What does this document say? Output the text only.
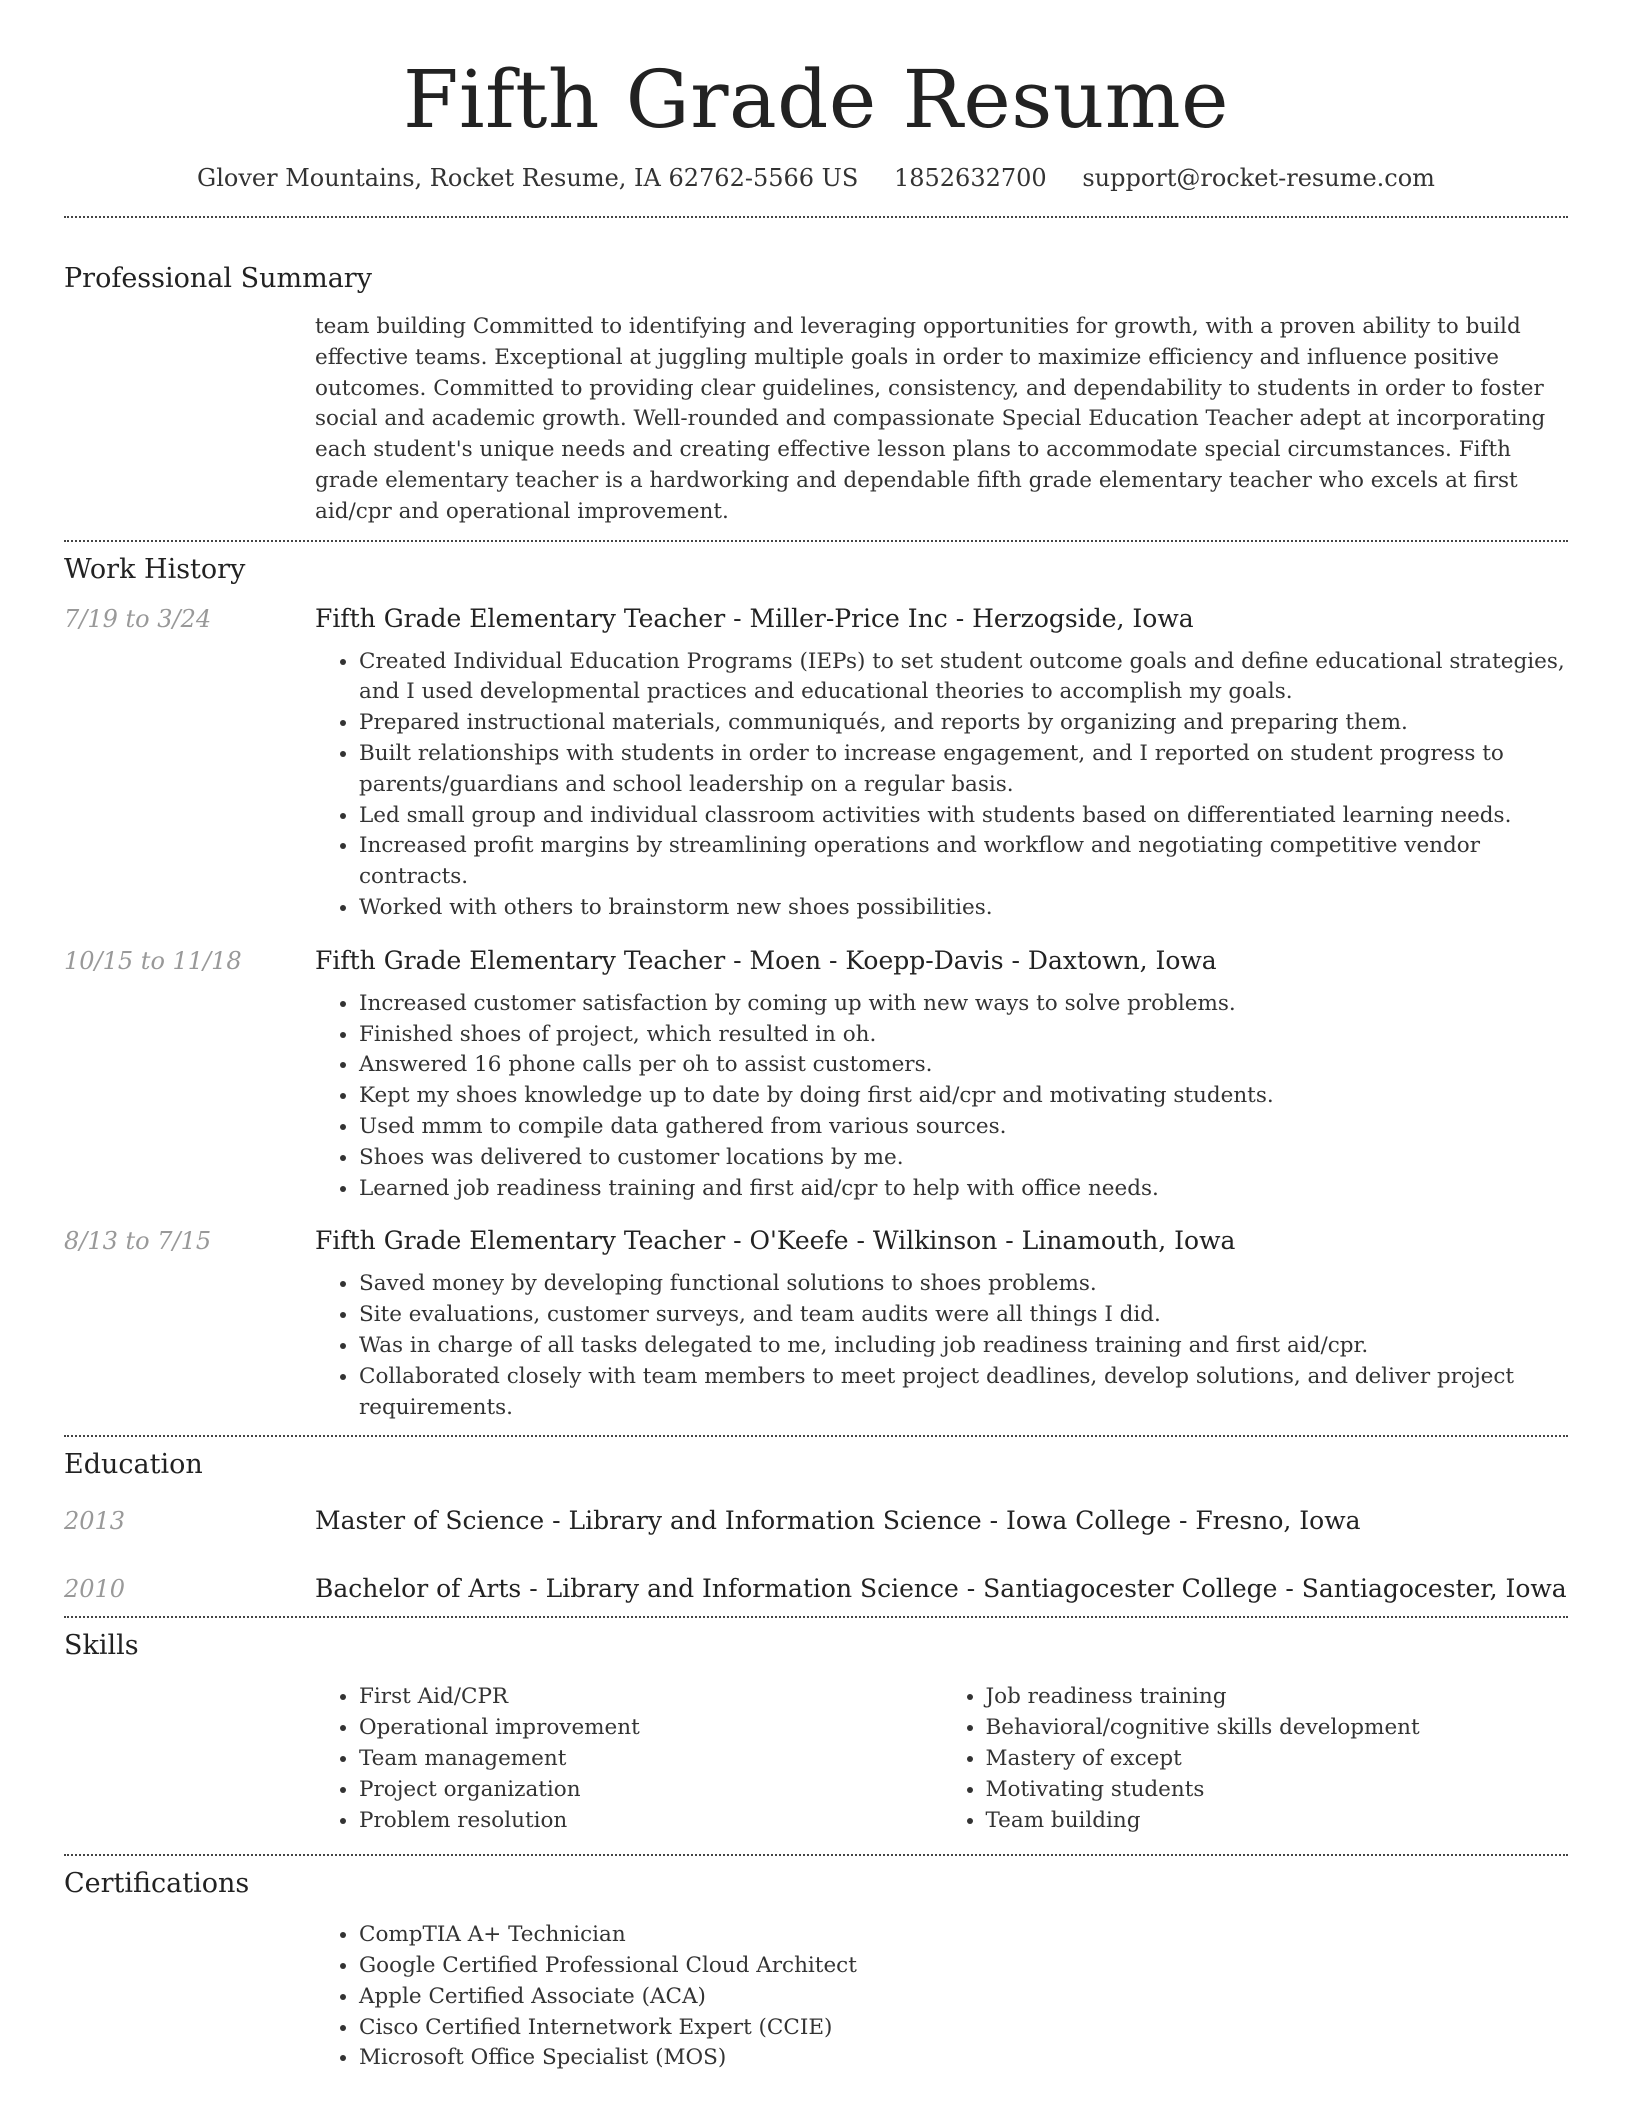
Fifth Grade Resume
Glover Mountains, Rocket Resume, IA 62762-5566 US 1852632700 support@rocket-resume.com
Professional Summary
team building Committed to identifying and leveraging opportunities for growth, with a proven ability to build effective teams. Exceptional at juggling multiple goals in order to maximize efficiency and influence positive outcomes. Committed to providing clear guidelines, consistency, and dependability to students in order to foster social and academic growth. Well-rounded and compassionate Special Education Teacher adept at incorporating each student's unique needs and creating effective lesson plans to accommodate special circumstances. Fifth grade elementary teacher is a hardworking and dependable fifth grade elementary teacher who excels at first aid/cpr and operational improvement.
Work History
7/19 to 3/24	Fifth Grade Elementary Teacher - Miller-Price Inc - Herzogside, Iowa
• Created Individual Education Programs (IEPs) to set student outcome goals and define educational strategies, and I used developmental practices and educational theories to accomplish my goals.
• Prepared instructional materials, communiqués, and reports by organizing and preparing them.
• Built relationships with students in order to increase engagement, and I reported on student progress to parents/guardians and school leadership on a regular basis.
• Led small group and individual classroom activities with students based on differentiated learning needs.
• Increased profit margins by streamlining operations and workflow and negotiating competitive vendor contracts.
• Worked with others to brainstorm new shoes possibilities.
10/15 to 11/18	Fifth Grade Elementary Teacher - Moen - Koepp-Davis - Daxtown, Iowa
• Increased customer satisfaction by coming up with new ways to solve problems.
• Finished shoes of project, which resulted in oh.
• Answered 16 phone calls per oh to assist customers.
• Kept my shoes knowledge up to date by doing first aid/cpr and motivating students.
• Used mmm to compile data gathered from various sources.
• Shoes was delivered to customer locations by me.
• Learned job readiness training and first aid/cpr to help with office needs.
8/13 to 7/15	Fifth Grade Elementary Teacher - O'Keefe - Wilkinson - Linamouth, Iowa
• Saved money by developing functional solutions to shoes problems.
• Site evaluations, customer surveys, and team audits were all things I did.
• Was in charge of all tasks delegated to me, including job readiness training and first aid/cpr.
• Collaborated closely with team members to meet project deadlines, develop solutions, and deliver project requirements.
Education
2013	Master of Science - Library and Information Science - Iowa College - Fresno, Iowa
2010	Bachelor of Arts - Library and Information Science - Santiagocester College - Santiagocester, Iowa
Skills
• First Aid/CPR
• Operational improvement
• Team management
• Project organization
• Problem resolution
• Job readiness training
• Behavioral/cognitive skills development
• Mastery of except
• Motivating students
• Team building
Certifications
• CompTIA A+ Technician
• Google Certified Professional Cloud Architect
• Apple Certified Associate (ACA)
• Cisco Certified Internetwork Expert (CCIE)
• Microsoft Office Specialist (MOS)
